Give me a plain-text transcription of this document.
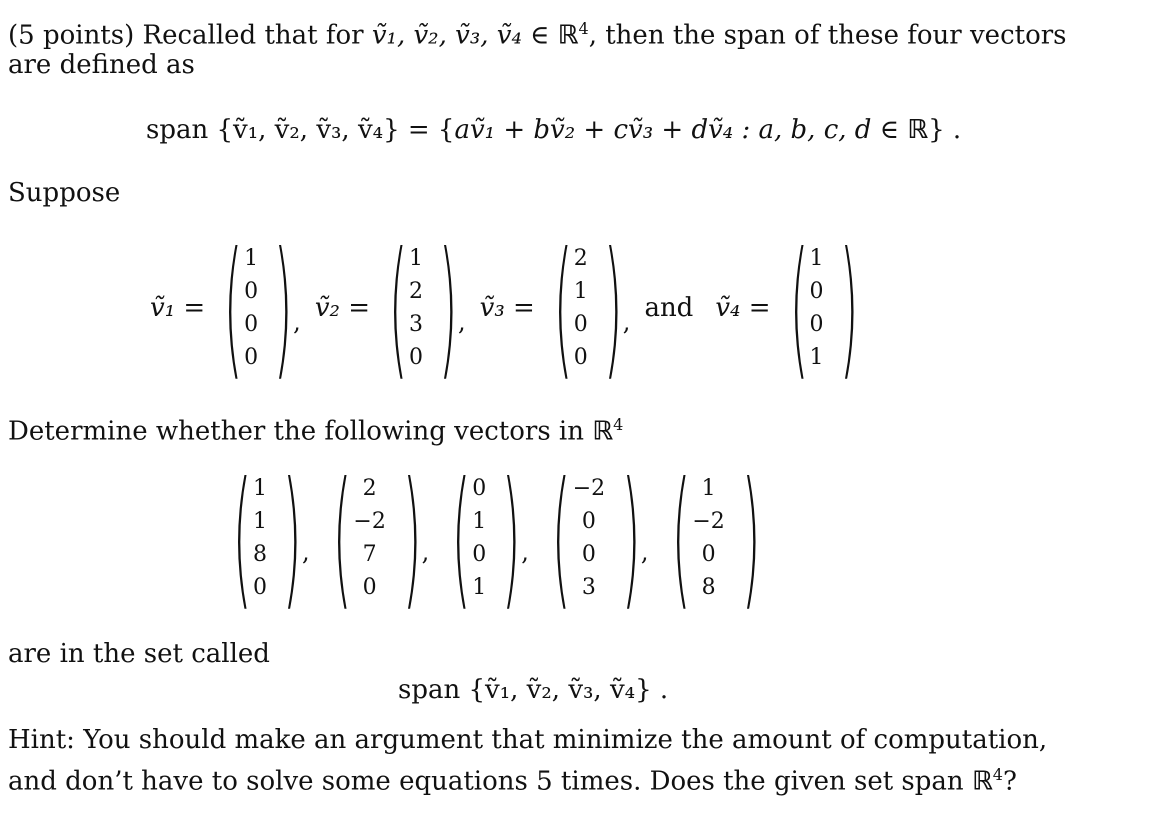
(5 points) Recalled that for ṽ₁, ṽ₂, ṽ₃, ṽ₄ ∈ ℝ$^4$, then the span of these four vectors
are defined as
span {ṽ₁, ṽ₂, ṽ₃, ṽ₄} = {aṽ₁ + bṽ₂ + cṽ₃ + dṽ₄ : a, b, c, d ∈ ℝ} .
Suppose
ṽ₁ = ( 1
0
0
0 ) , ṽ₂ = ( 1
2
3
0 ) , ṽ₃ = ( 2
1
0
0 ) , and ṽ₄ = ( 1
0
0
1 )
Determine whether the following vectors in ℝ$^4$
( 1
1
8
0 ) , ( 2
−2
7
0 ) , ( 0
1
0
1 ) , ( −2
0
0
3 ) , ( 1
−2
0
8 )
are in the set called
span {ṽ₁, ṽ₂, ṽ₃, ṽ₄} .
Hint: You should make an argument that minimize the amount of computation,
and don’t have to solve some equations 5 times. Does the given set span ℝ$^4$?
